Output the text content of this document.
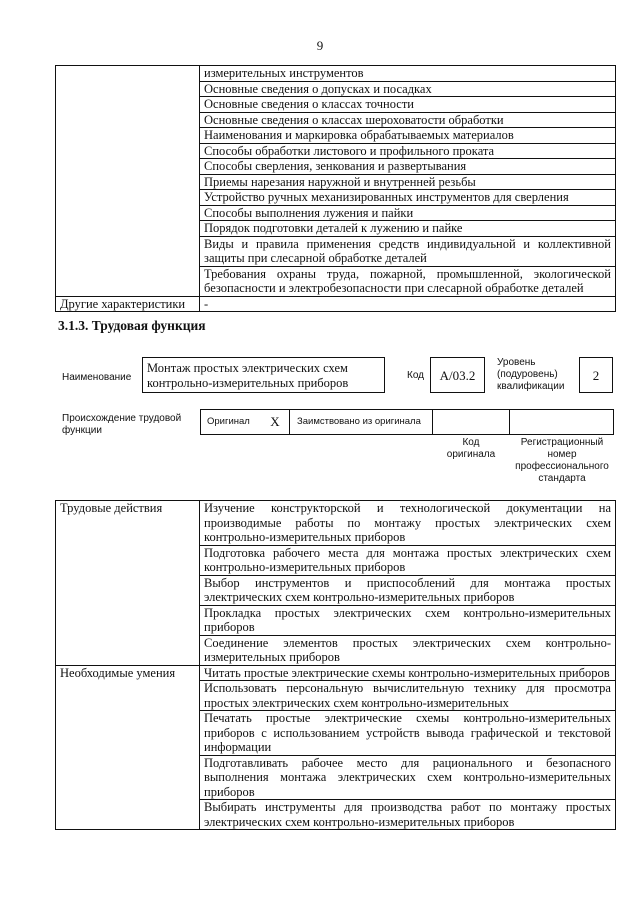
9
	измерительных инструментов
	Основные сведения о допусках и посадках
	Основные сведения о классах точности
	Основные сведения о классах шероховатости обработки
	Наименования и маркировка обрабатываемых материалов
	Способы обработки листового и профильного проката
	Способы сверления, зенкования и развертывания
	Приемы нарезания наружной и внутренней резьбы
	Устройство ручных механизированных инструментов для сверления
	Способы выполнения лужения и пайки
	Порядок подготовки деталей к лужению и пайке
	Виды и правила применения средств индивидуальной и коллективной защиты при слесарной обработке деталей
	Требования охраны труда, пожарной, промышленной, экологической безопасности и электробезопасности при слесарной обработке деталей
Другие характеристики	-
3.1.3. Трудовая функция
Наименование
Монтаж простых электрических схем контрольно-измерительных приборов
Код	А/03.2
Уровень (подуровень) квалификации
2
Происхождение трудовой функции
Оригинал	X	Заимствовано из оригинала
Код оригинала
Регистрационный номер профессионального стандарта
Трудовые действия	Изучение конструкторской и технологической документации на производимые работы по монтажу простых электрических схем контрольно-измерительных приборов
	Подготовка рабочего места для монтажа простых электрических схем контрольно-измерительных приборов
	Выбор инструментов и приспособлений для монтажа простых электрических схем контрольно-измерительных приборов
	Прокладка простых электрических схем контрольно-измерительных приборов
	Соединение элементов простых электрических схем контрольно-измерительных приборов
Необходимые умения	Читать простые электрические схемы контрольно-измерительных приборов
	Использовать персональную вычислительную технику для просмотра простых электрических схем контрольно-измерительных
	Печатать простые электрические схемы контрольно-измерительных приборов с использованием устройств вывода графической и текстовой информации
	Подготавливать рабочее место для рационального и безопасного выполнения монтажа электрических схем контрольно-измерительных приборов
	Выбирать инструменты для производства работ по монтажу простых электрических схем контрольно-измерительных приборов
